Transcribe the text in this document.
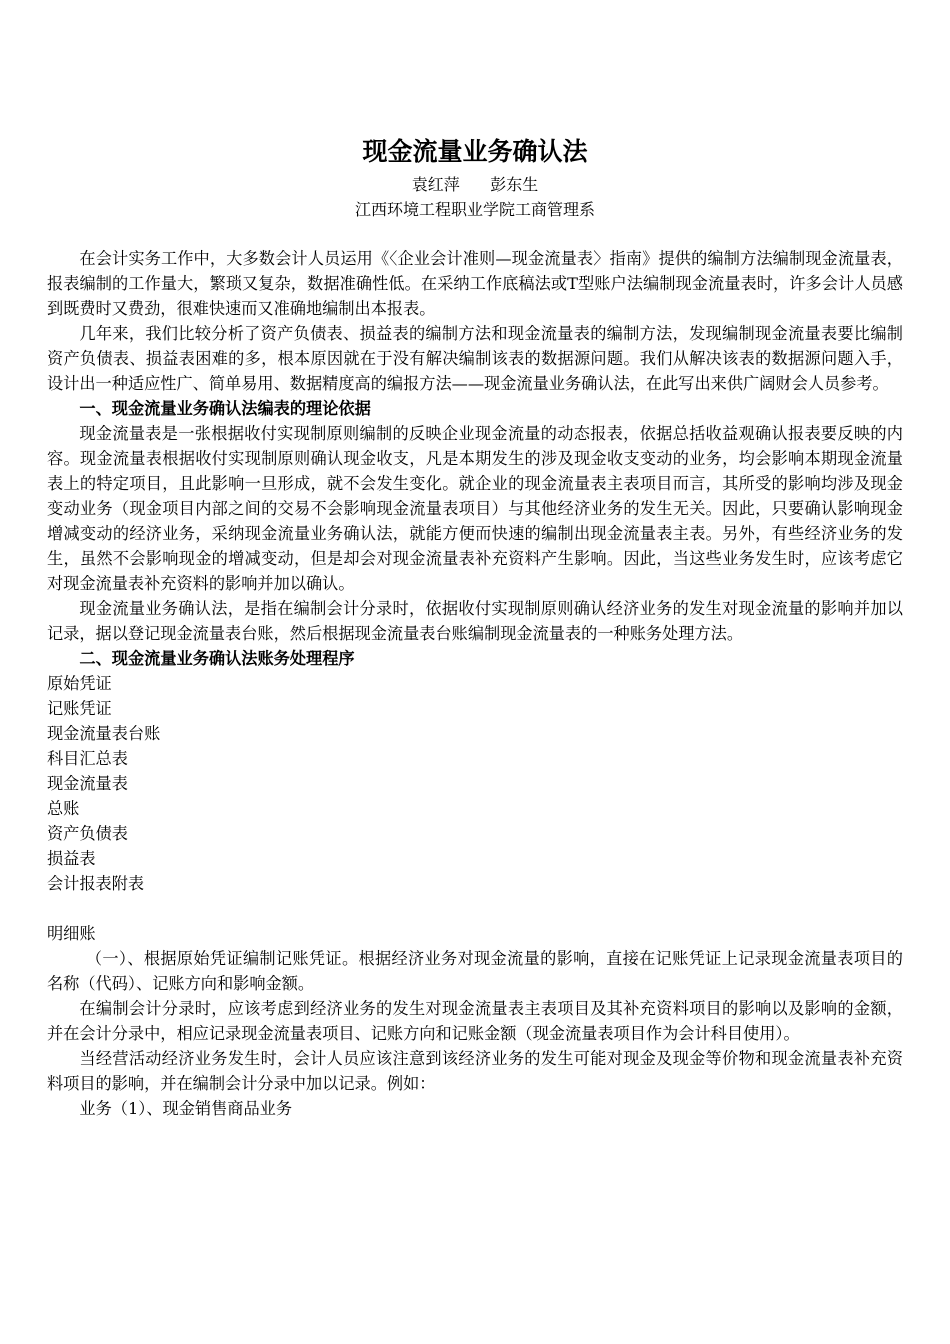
现金流量业务确认法

袁红萍      彭东生

江西环境工程职业学院工商管理系

在会计实务工作中，大多数会计人员运用《〈企业会计准则—现金流量表〉指南》提供的编制方法编制现金流量表，报表编制的工作量大，繁琐又复杂，数据准确性低。在采纳工作底稿法或T型账户法编制现金流量表时，许多会计人员感到既费时又费劲，很难快速而又准确地编制出本报表。

几年来，我们比较分析了资产负债表、损益表的编制方法和现金流量表的编制方法，发现编制现金流量表要比编制资产负债表、损益表困难的多，根本原因就在于没有解决编制该表的数据源问题。我们从解决该表的数据源问题入手，设计出一种适应性广、简单易用、数据精度高的编报方法——现金流量业务确认法，在此写出来供广阔财会人员参考。

一、现金流量业务确认法编表的理论依据

现金流量表是一张根据收付实现制原则编制的反映企业现金流量的动态报表，依据总括收益观确认报表要反映的内容。现金流量表根据收付实现制原则确认现金收支，凡是本期发生的涉及现金收支变动的业务，均会影响本期现金流量表上的特定项目，且此影响一旦形成，就不会发生变化。就企业的现金流量表主表项目而言，其所受的影响均涉及现金变动业务（现金项目内部之间的交易不会影响现金流量表项目）与其他经济业务的发生无关。因此，只要确认影响现金增减变动的经济业务，采纳现金流量业务确认法，就能方便而快速的编制出现金流量表主表。另外，有些经济业务的发生，虽然不会影响现金的增减变动，但是却会对现金流量表补充资料产生影响。因此，当这些业务发生时，应该考虑它对现金流量表补充资料的影响并加以确认。

现金流量业务确认法，是指在编制会计分录时，依据收付实现制原则确认经济业务的发生对现金流量的影响并加以记录，据以登记现金流量表台账，然后根据现金流量表台账编制现金流量表的一种账务处理方法。

二、现金流量业务确认法账务处理程序

原始凭证

记账凭证

现金流量表台账

科目汇总表

现金流量表

总账

资产负债表

损益表

会计报表附表

明细账

（一）、根据原始凭证编制记账凭证。根据经济业务对现金流量的影响，直接在记账凭证上记录现金流量表项目的名称（代码）、记账方向和影响金额。

在编制会计分录时，应该考虑到经济业务的发生对现金流量表主表项目及其补充资料项目的影响以及影响的金额，并在会计分录中，相应记录现金流量表项目、记账方向和记账金额（现金流量表项目作为会计科目使用）。

当经营活动经济业务发生时，会计人员应该注意到该经济业务的发生可能对现金及现金等价物和现金流量表补充资料项目的影响，并在编制会计分录中加以记录。例如：

业务（1）、现金销售商品业务
